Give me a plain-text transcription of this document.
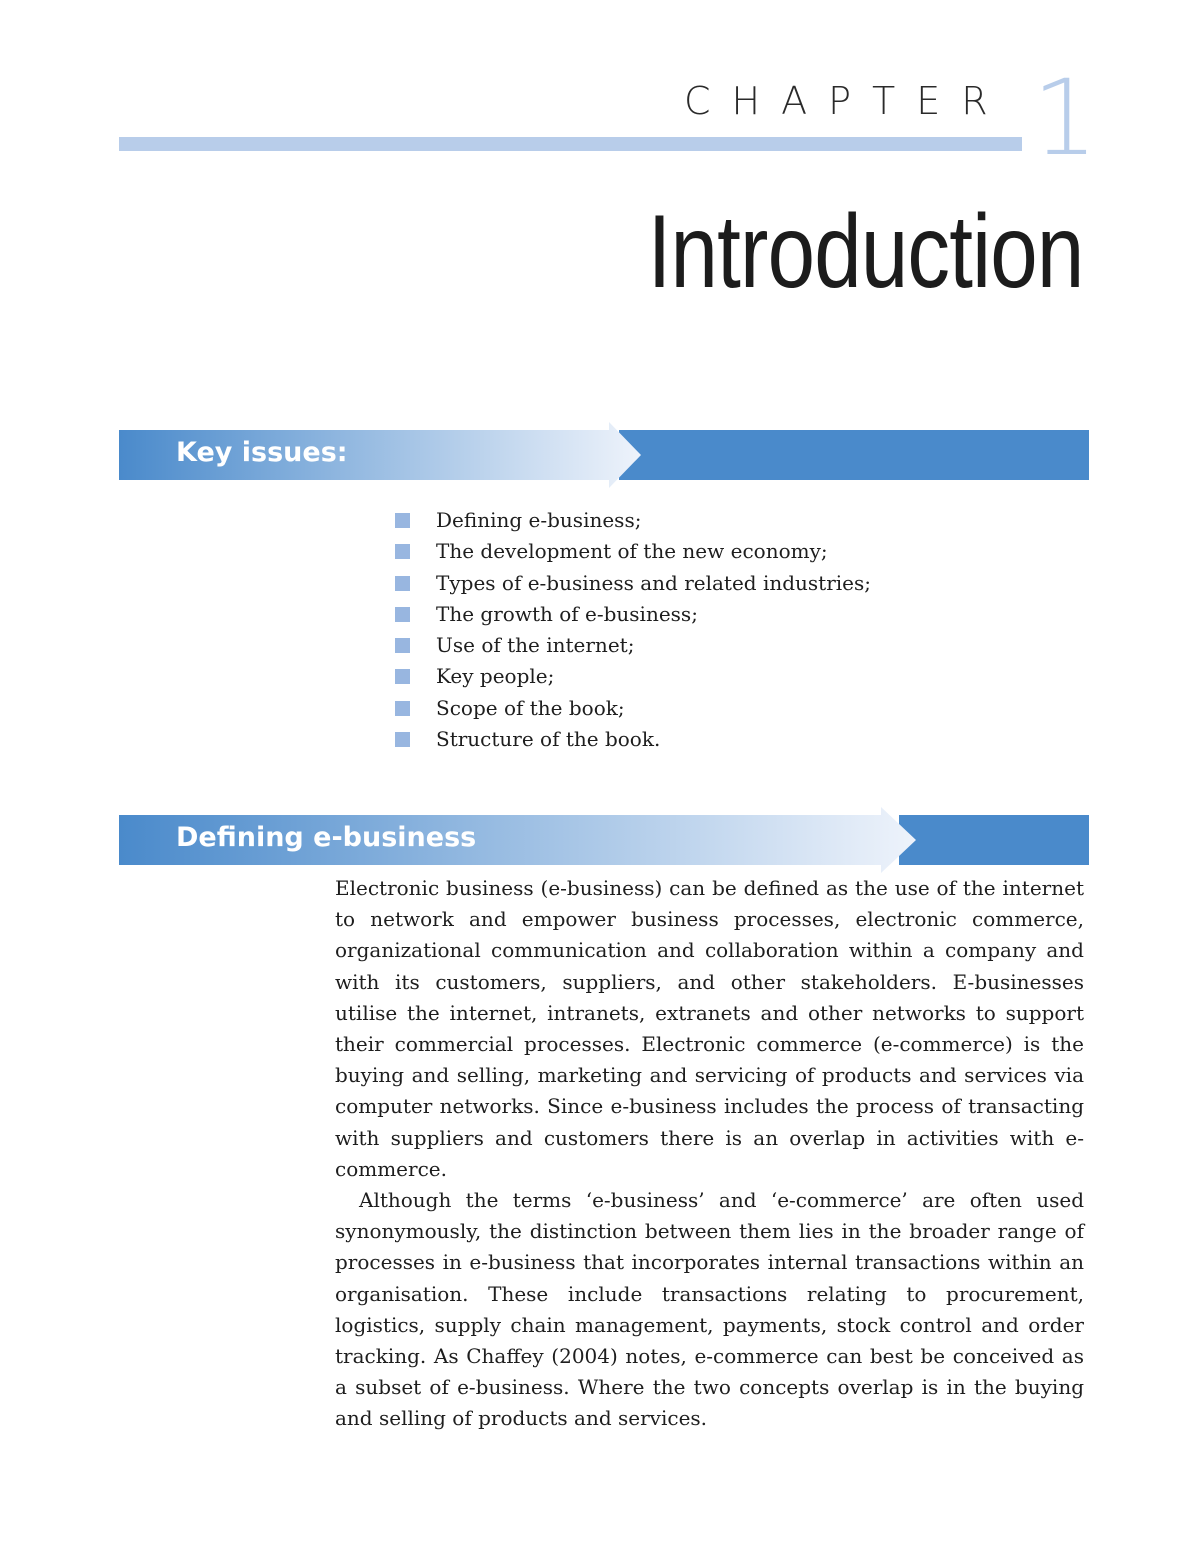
CHAPTER 1
Introduction
Key issues:
Defining e-business;
The development of the new economy;
Types of e-business and related industries;
The growth of e-business;
Use of the internet;
Key people;
Scope of the book;
Structure of the book.
Defining e-business

Electronic business (e-business) can be defined as the use of the internet to network and empower business processes, electronic commerce, organizational communication and collaboration within a company and with its customers, suppliers, and other stakeholders. E-businesses utilise the internet, intranets, extranets and other networks to support their commercial processes. Electronic commerce (e-commerce) is the buying and selling, marketing and servicing of products and services via computer networks. Since e-business includes the process of transacting with suppliers and customers there is an overlap in activities with e-commerce.

Although the terms ‘e-business’ and ‘e-commerce’ are often used synonymously, the distinction between them lies in the broader range of processes in e-business that incorporates internal transactions within an organisation. These include transactions relating to procurement, logistics, supply chain management, payments, stock control and order tracking. As Chaffey (2004) notes, e-commerce can best be conceived as a subset of e-business. Where the two concepts overlap is in the buying and selling of products and services.
